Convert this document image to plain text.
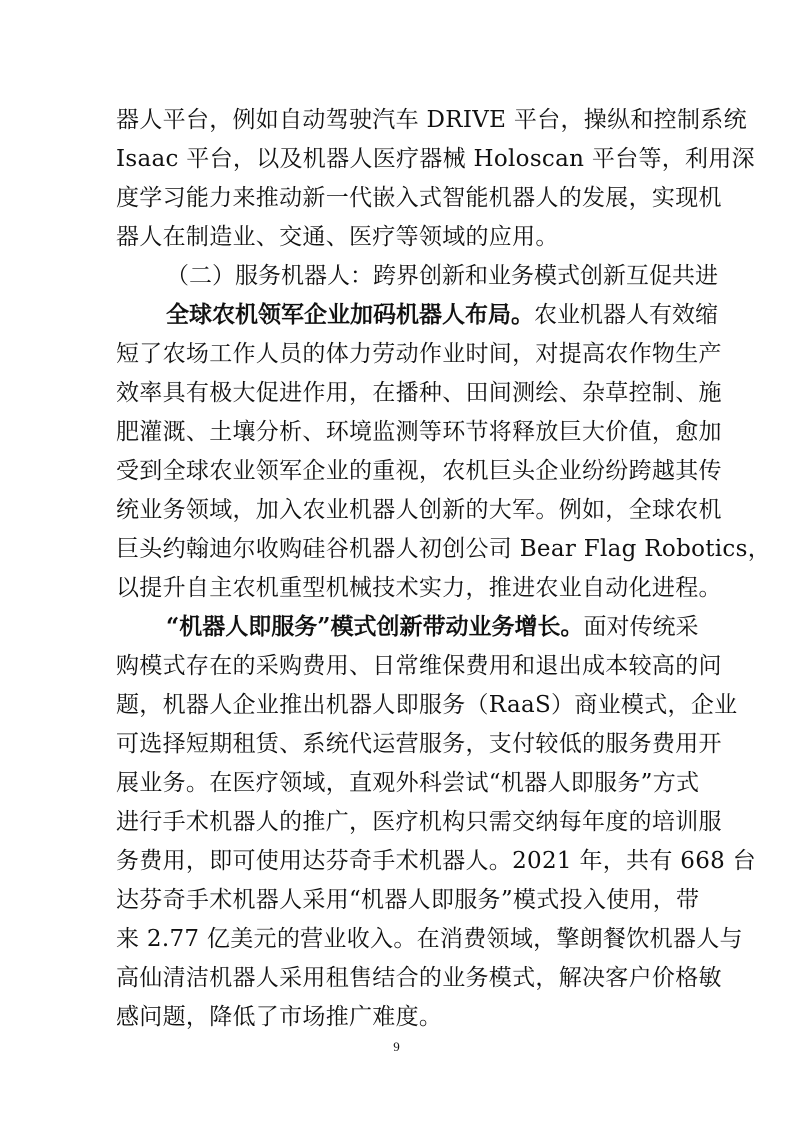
器人平台，例如自动驾驶汽车 DRIVE 平台，操纵和控制系统
Isaac 平台，以及机器人医疗器械 Holoscan 平台等，利用深
度学习能力来推动新一代嵌入式智能机器人的发展，实现机
器人在制造业、交通、医疗等领域的应用。
（二）服务机器人：跨界创新和业务模式创新互促共进
全球农机领军企业加码机器人布局。农业机器人有效缩
短了农场工作人员的体力劳动作业时间，对提高农作物生产
效率具有极大促进作用，在播种、田间测绘、杂草控制、施
肥灌溉、土壤分析、环境监测等环节将释放巨大价值，愈加
受到全球农业领军企业的重视，农机巨头企业纷纷跨越其传
统业务领域，加入农业机器人创新的大军。例如，全球农机
巨头约翰迪尔收购硅谷机器人初创公司 Bear Flag Robotics，
以提升自主农机重型机械技术实力，推进农业自动化进程。
“机器人即服务”模式创新带动业务增长。面对传统采
购模式存在的采购费用、日常维保费用和退出成本较高的问
题，机器人企业推出机器人即服务（RaaS）商业模式，企业
可选择短期租赁、系统代运营服务，支付较低的服务费用开
展业务。在医疗领域，直观外科尝试“机器人即服务”方式
进行手术机器人的推广，医疗机构只需交纳每年度的培训服
务费用，即可使用达芬奇手术机器人。2021 年，共有 668 台
达芬奇手术机器人采用“机器人即服务”模式投入使用，带
来 2.77 亿美元的营业收入。在消费领域，擎朗餐饮机器人与
高仙清洁机器人采用租售结合的业务模式，解决客户价格敏
感问题，降低了市场推广难度。
9
